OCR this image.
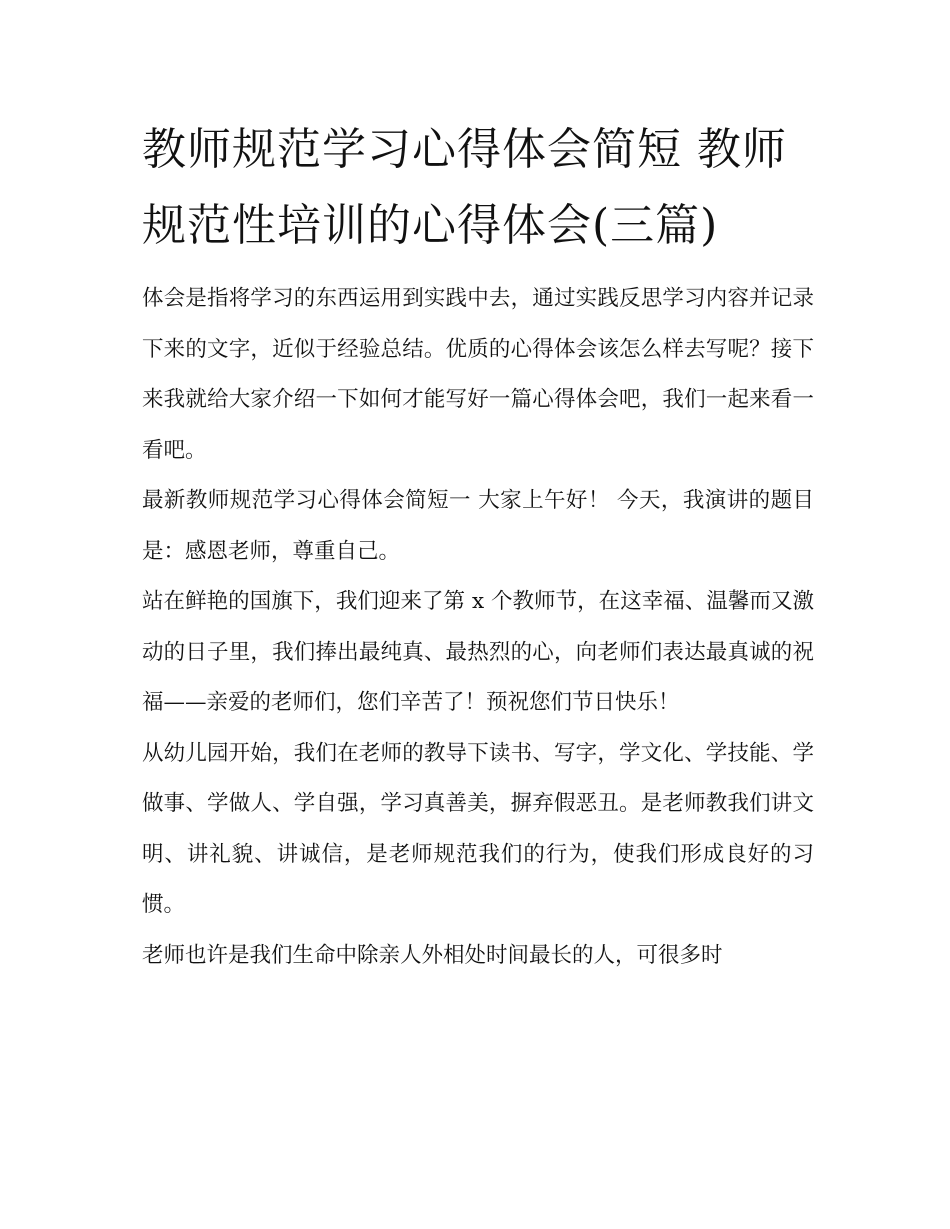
教师规范学习心得体会简短 教师规范性培训的心得体会(三篇)

体会是指将学习的东西运用到实践中去，通过实践反思学习内容并记录下来的文字，近似于经验总结。优质的心得体会该怎么样去写呢？接下来我就给大家介绍一下如何才能写好一篇心得体会吧，我们一起来看一看吧。

最新教师规范学习心得体会简短一 大家上午好！ 今天，我演讲的题目是：感恩老师，尊重自己。

站在鲜艳的国旗下，我们迎来了第 x 个教师节，在这幸福、温馨而又激动的日子里，我们捧出最纯真、最热烈的心，向老师们表达最真诚的祝福——亲爱的老师们，您们辛苦了！预祝您们节日快乐！

从幼儿园开始，我们在老师的教导下读书、写字，学文化、学技能、学做事、学做人、学自强，学习真善美，摒弃假恶丑。是老师教我们讲文明、讲礼貌、讲诚信，是老师规范我们的行为，使我们形成良好的习惯。

老师也许是我们生命中除亲人外相处时间最长的人，可很多时
